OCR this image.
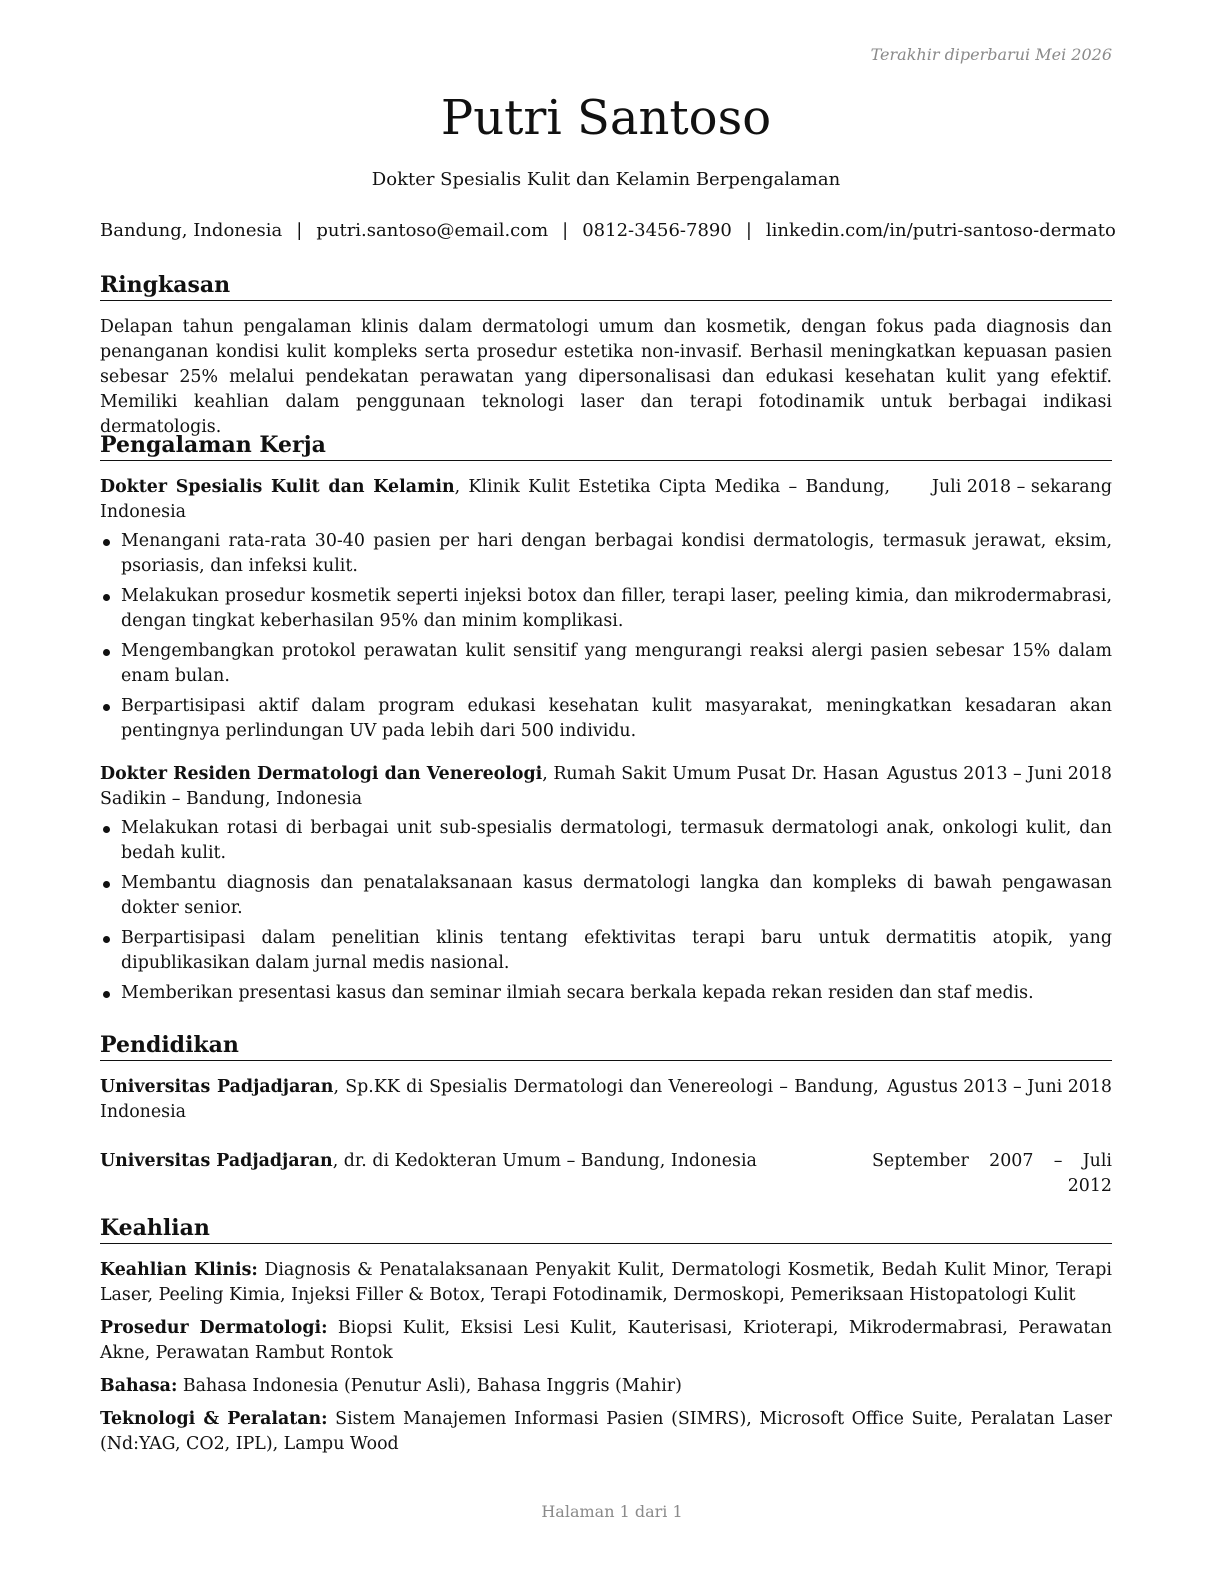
Terakhir diperbarui Mei 2026
Putri Santoso
Dokter Spesialis Kulit dan Kelamin Berpengalaman
Bandung, Indonesia | putri.santoso@email.com | 0812-3456-7890 | linkedin.com/in/putri-santoso-dermato
Ringkasan
Delapan tahun pengalaman klinis dalam dermatologi umum dan kosmetik, dengan fokus pada diagnosis dan penanganan kondisi kulit kompleks serta prosedur estetika non-invasif. Berhasil meningkatkan kepuasan pasien sebesar 25% melalui pendekatan perawatan yang dipersonalisasi dan edukasi kesehatan kulit yang efektif. Memiliki keahlian dalam penggunaan teknologi laser dan terapi fotodinamik untuk berbagai indikasi dermatologis.
Pengalaman Kerja
Dokter Spesialis Kulit dan Kelamin, Klinik Kulit Estetika Cipta Medika – Bandung, Indonesia
Juli 2018 – sekarang
Menangani rata-rata 30-40 pasien per hari dengan berbagai kondisi dermatologis, termasuk jerawat, eksim, psoriasis, dan infeksi kulit.
Melakukan prosedur kosmetik seperti injeksi botox dan filler, terapi laser, peeling kimia, dan mikrodermabrasi, dengan tingkat keberhasilan 95% dan minim komplikasi.
Mengembangkan protokol perawatan kulit sensitif yang mengurangi reaksi alergi pasien sebesar 15% dalam enam bulan.
Berpartisipasi aktif dalam program edukasi kesehatan kulit masyarakat, meningkatkan kesadaran akan pentingnya perlindungan UV pada lebih dari 500 individu.
Dokter Residen Dermatologi dan Venereologi, Rumah Sakit Umum Pusat Dr. Hasan Sadikin – Bandung, Indonesia
Agustus 2013 – Juni 2018
Melakukan rotasi di berbagai unit sub-spesialis dermatologi, termasuk dermatologi anak, onkologi kulit, dan bedah kulit.
Membantu diagnosis dan penatalaksanaan kasus dermatologi langka dan kompleks di bawah pengawasan dokter senior.
Berpartisipasi dalam penelitian klinis tentang efektivitas terapi baru untuk dermatitis atopik, yang dipublikasikan dalam jurnal medis nasional.
Memberikan presentasi kasus dan seminar ilmiah secara berkala kepada rekan residen dan staf medis.
Pendidikan
Universitas Padjadjaran, Sp.KK di Spesialis Dermatologi dan Venereologi – Bandung, Indonesia
Agustus 2013 – Juni 2018
Universitas Padjadjaran, dr. di Kedokteran Umum – Bandung, Indonesia	September 2007 – Juli 2012
Keahlian
Keahlian Klinis: Diagnosis & Penatalaksanaan Penyakit Kulit, Dermatologi Kosmetik, Bedah Kulit Minor, Terapi Laser, Peeling Kimia, Injeksi Filler & Botox, Terapi Fotodinamik, Dermoskopi, Pemeriksaan Histopatologi Kulit
Prosedur Dermatologi: Biopsi Kulit, Eksisi Lesi Kulit, Kauterisasi, Krioterapi, Mikrodermabrasi, Perawatan Akne, Perawatan Rambut Rontok
Bahasa: Bahasa Indonesia (Penutur Asli), Bahasa Inggris (Mahir)
Teknologi & Peralatan: Sistem Manajemen Informasi Pasien (SIMRS), Microsoft Office Suite, Peralatan Laser (Nd:YAG, CO2, IPL), Lampu Wood
Halaman 1 dari 1
